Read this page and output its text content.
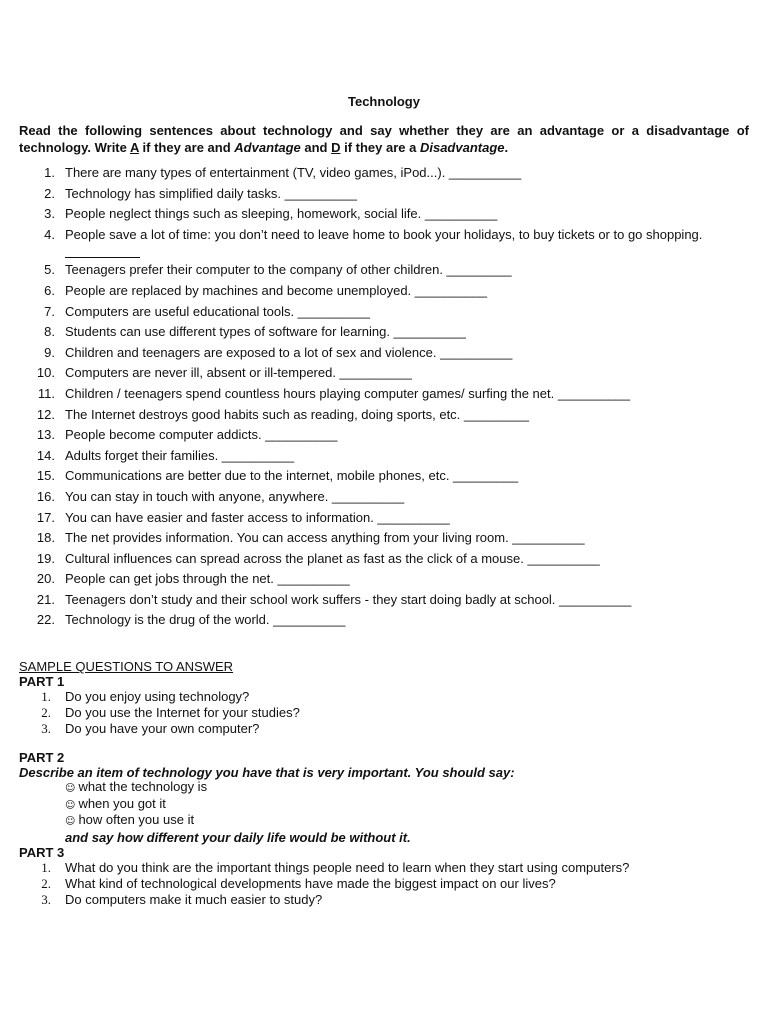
Technology
Read the following sentences about technology and say whether they are an advantage or a disadvantage of technology. Write A if they are and Advantage and D if they are a Disadvantage.
1. There are many types of entertainment (TV, video games, iPod...). __________
2. Technology has simplified daily tasks. __________
3. People neglect things such as sleeping, homework, social life. __________
4. People save a lot of time: you don’t need to leave home to book your holidays, to buy tickets or to go shopping.
5. Teenagers prefer their computer to the company of other children. _________
6. People are replaced by machines and become unemployed. __________
7. Computers are useful educational tools. __________
8. Students can use different types of software for learning. __________
9. Children and teenagers are exposed to a lot of sex and violence. __________
10. Computers are never ill, absent or ill-tempered. __________
11. Children / teenagers spend countless hours playing computer games/ surfing the net. __________
12. The Internet destroys good habits such as reading, doing sports, etc. _________
13. People become computer addicts. __________
14. Adults forget their families. __________
15. Communications are better due to the internet, mobile phones, etc. _________
16. You can stay in touch with anyone, anywhere. __________
17. You can have easier and faster access to information. __________
18. The net provides information. You can access anything from your living room. __________
19. Cultural influences can spread across the planet as fast as the click of a mouse. __________
20. People can get jobs through the net. __________
21. Teenagers don’t study and their school work suffers - they start doing badly at school. __________
22. Technology is the drug of the world. __________
SAMPLE QUESTIONS TO ANSWER
PART 1
1. Do you enjoy using technology?
2. Do you use the Internet for your studies?
3. Do you have your own computer?
PART 2
Describe an item of technology you have that is very important. You should say:
☺ what the technology is
☺ when you got it
☺ how often you use it
and say how different your daily life would be without it.
PART 3
1. What do you think are the important things people need to learn when they start using computers?
2. What kind of technological developments have made the biggest impact on our lives?
3. Do computers make it much easier to study?
